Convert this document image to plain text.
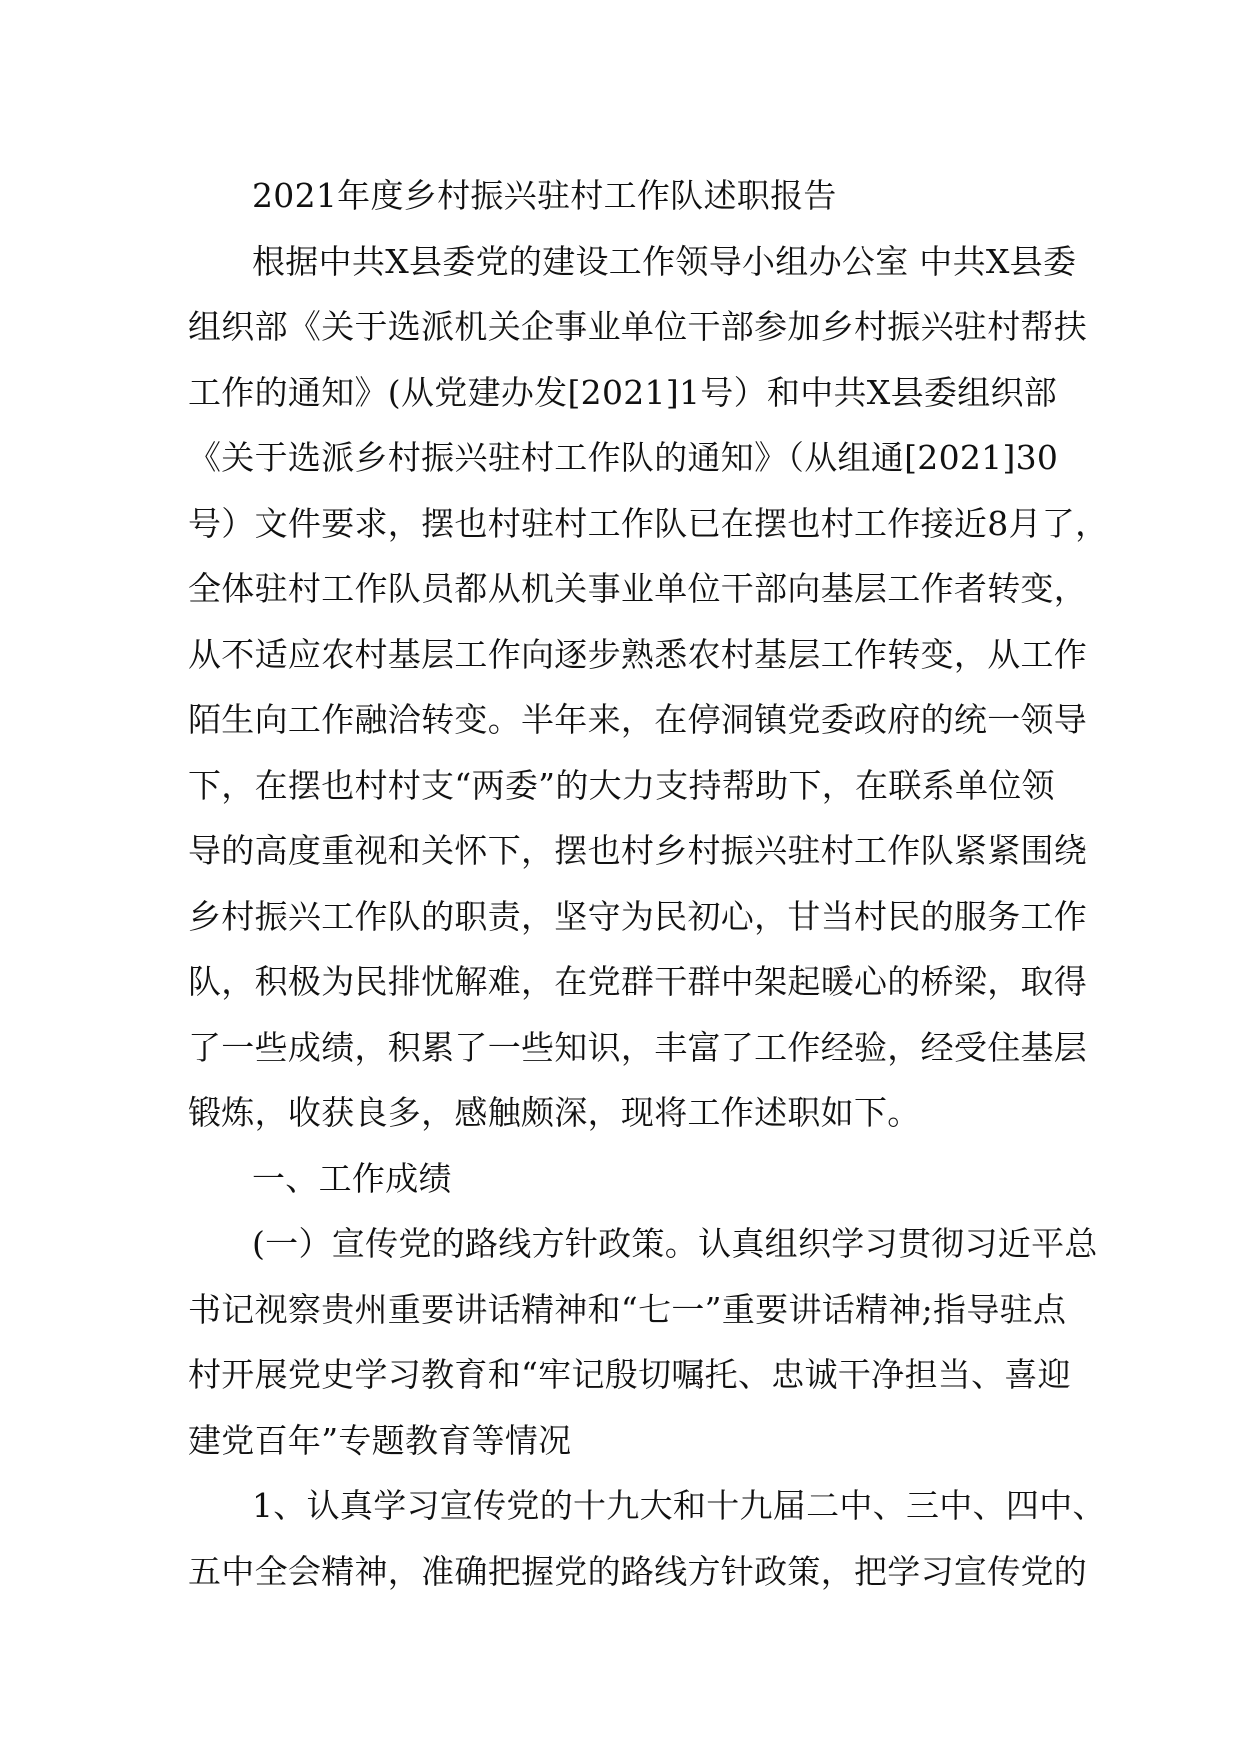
2021年度乡村振兴驻村工作队述职报告
根据中共X县委党的建设工作领导小组办公室 中共X县委
组织部《关于选派机关企事业单位干部参加乡村振兴驻村帮扶
工作的通知》(从党建办发[2021]1号）和中共X县委组织部
《关于选派乡村振兴驻村工作队的通知》（从组通[2021]30
号）文件要求，摆也村驻村工作队已在摆也村工作接近8月了，
全体驻村工作队员都从机关事业单位干部向基层工作者转变，
从不适应农村基层工作向逐步熟悉农村基层工作转变，从工作
陌生向工作融洽转变。半年来，在停洞镇党委政府的统一领导
下，在摆也村村支“两委”的大力支持帮助下，在联系单位领
导的高度重视和关怀下，摆也村乡村振兴驻村工作队紧紧围绕
乡村振兴工作队的职责，坚守为民初心，甘当村民的服务工作
队，积极为民排忧解难，在党群干群中架起暖心的桥梁，取得
了一些成绩，积累了一些知识，丰富了工作经验，经受住基层
锻炼，收获良多，感触颇深，现将工作述职如下。
一、工作成绩
(一）宣传党的路线方针政策。认真组织学习贯彻习近平总
书记视察贵州重要讲话精神和“七一”重要讲话精神;指导驻点
村开展党史学习教育和“牢记殷切嘱托、忠诚干净担当、喜迎
建党百年”专题教育等情况
1、认真学习宣传党的十九大和十九届二中、三中、四中、
五中全会精神，准确把握党的路线方针政策，把学习宣传党的
